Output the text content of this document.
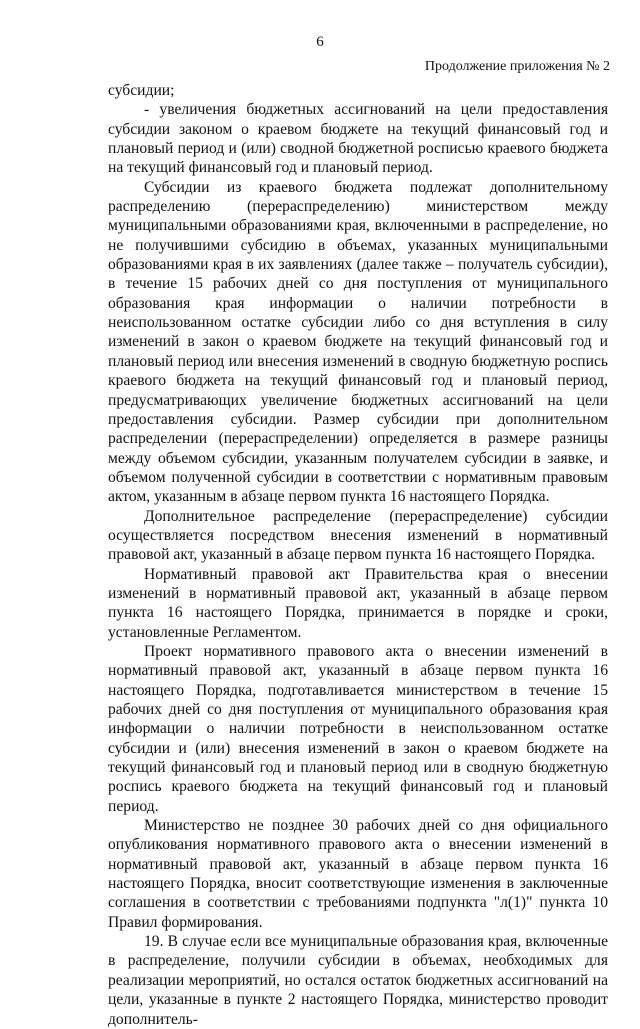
6
Продолжение приложения № 2

субсидии;

- увеличения бюджетных ассигнований на цели предоставления субсидии законом о краевом бюджете на текущий финансовый год и плановый период и (или) сводной бюджетной росписью краевого бюджета на текущий финансовый год и плановый период.

Субсидии из краевого бюджета подлежат дополнительному распределению (перераспределению) министерством между муниципальными образованиями края, включенными в распределение, но не получившими субсидию в объемах, указанных муниципальными образованиями края в их заявлениях (далее также – получатель субсидии), в течение 15 рабочих дней со дня поступления от муниципального образования края информации о наличии потребности в неиспользованном остатке субсидии либо со дня вступления в силу изменений в закон о краевом бюджете на текущий финансовый год и плановый период или внесения изменений в сводную бюджетную роспись краевого бюджета на текущий финансовый год и плановый период, предусматривающих увеличение бюджетных ассигнований на цели предоставления субсидии. Размер субсидии при дополнительном распределении (перераспределении) определяется в размере разницы между объемом субсидии, указанным получателем субсидии в заявке, и объемом полученной субсидии в соответствии с нормативным правовым актом, указанным в абзаце первом пункта 16 настоящего Порядка.

Дополнительное распределение (перераспределение) субсидии осуществляется посредством внесения изменений в нормативный правовой акт, указанный в абзаце первом пункта 16 настоящего Порядка.

Нормативный правовой акт Правительства края о внесении изменений в нормативный правовой акт, указанный в абзаце первом пункта 16 настоящего Порядка, принимается в порядке и сроки, установленные Регламентом.

Проект нормативного правового акта о внесении изменений в нормативный правовой акт, указанный в абзаце первом пункта 16 настоящего Порядка, подготавливается министерством в течение 15 рабочих дней со дня поступления от муниципального образования края информации о наличии потребности в неиспользованном остатке субсидии и (или) внесения изменений в закон о краевом бюджете на текущий финансовый год и плановый период или в сводную бюджетную роспись краевого бюджета на текущий финансовый год и плановый период.

Министерство не позднее 30 рабочих дней со дня официального опубликования нормативного правового акта о внесении изменений в нормативный правовой акт, указанный в абзаце первом пункта 16 настоящего Порядка, вносит соответствующие изменения в заключенные соглашения в соответствии с требованиями подпункта "л(1)" пункта 10 Правил формирования.

19. В случае если все муниципальные образования края, включенные в распределение, получили субсидии в объемах, необходимых для реализации мероприятий, но остался остаток бюджетных ассигнований на цели, указанные в пункте 2 настоящего Порядка, министерство проводит дополнитель-
